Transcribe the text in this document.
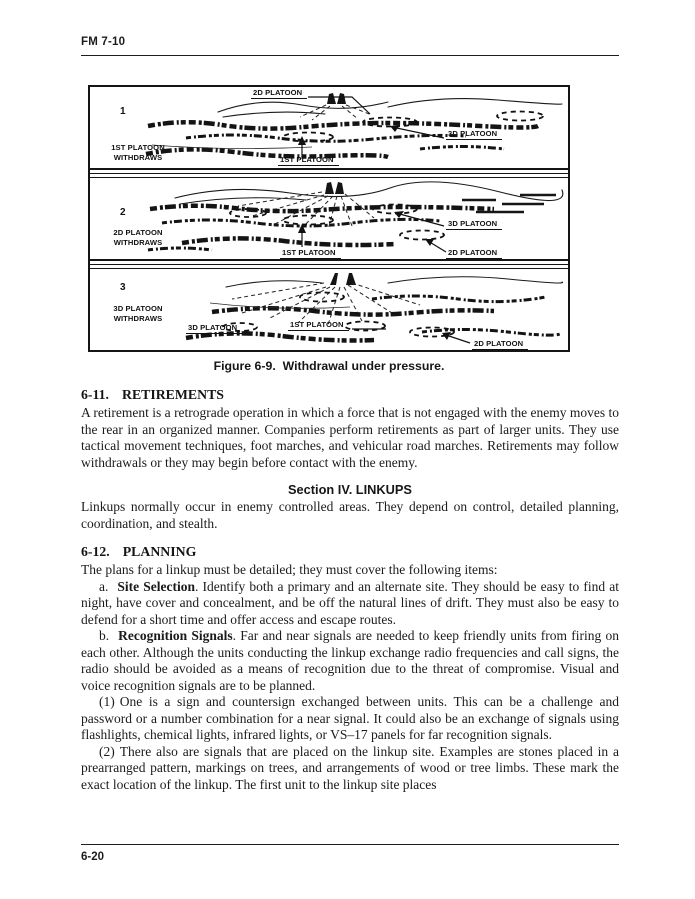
FM 7-10
1
1ST PLATOON
WITHDRAWS
2D PLATOON
3D PLATOON
1ST PLATOON
2
2D PLATOON
WITHDRAWS
3D PLATOON
1ST PLATOON	2D PLATOON
3
3D PLATOON
WITHDRAWS
3D PLATOON	1ST PLATOON
2D PLATOON
Figure 6-9.  Withdrawal under pressure.
6-11. RETIREMENTS

A retirement is a retrograde operation in which a force that is not engaged with the enemy moves to the rear in an organized manner. Companies perform retirements as part of larger units. They use tactical movement techniques, foot marches, and vehicular road marches. Retirements may follow withdrawals or they may begin before contact with the enemy.

Section IV. LINKUPS

Linkups normally occur in enemy controlled areas. They depend on control, detailed planning, coordination, and stealth.

6-12. PLANNING

The plans for a linkup must be detailed; they must cover the following items:

a. Site Selection. Identify both a primary and an alternate site. They should be easy to find at night, have cover and concealment, and be off the natural lines of drift. They must also be easy to defend for a short time and offer access and escape routes.

b. Recognition Signals. Far and near signals are needed to keep friendly units from firing on each other. Although the units conducting the linkup exchange radio frequencies and call signs, the radio should be avoided as a means of recognition due to the threat of compromise. Visual and voice recognition signals are to be planned.

(1) One is a sign and countersign exchanged between units. This can be a challenge and password or a number combination for a near signal. It could also be an exchange of signals using flashlights, chemical lights, infrared lights, or VS–17 panels for far recognition signals.

(2) There also are signals that are placed on the linkup site. Examples are stones placed in a prearranged pattern, markings on trees, and arrangements of wood or tree limbs. These mark the exact location of the linkup. The first unit to the linkup site places

6-20
